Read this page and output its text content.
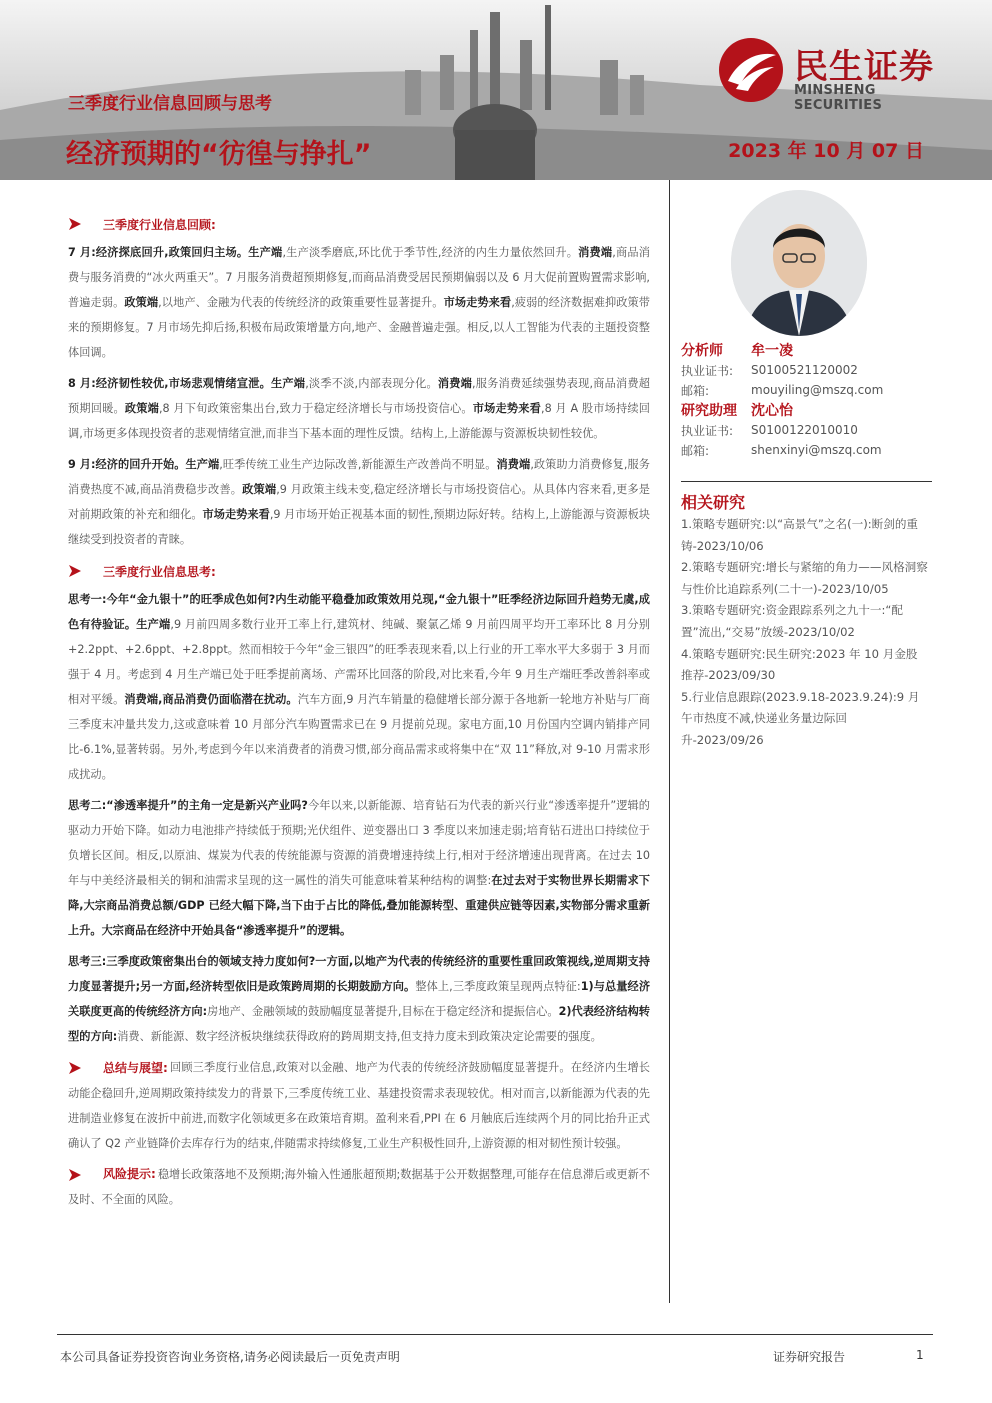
三季度行业信息回顾与思考
经济预期的“彷徨与挣扎”	2023 年 10 月 07 日
民生证券
MINSHENG SECURITIES
三季度行业信息回顾:

7 月:经济探底回升,政策回归主场。生产端,生产淡季磨底,环比优于季节性,经济的内生力量依然回升。消费端,商品消费与服务消费的“冰火两重天”。7 月服务消费超预期修复,而商品消费受居民预期偏弱以及 6 月大促前置购置需求影响,普遍走弱。政策端,以地产、金融为代表的传统经济的政策重要性显著提升。市场走势来看,疲弱的经济数据难抑政策带来的预期修复。7 月市场先抑后扬,积极布局政策增量方向,地产、金融普遍走强。相反,以人工智能为代表的主题投资整体回调。

8 月:经济韧性较优,市场悲观情绪宣泄。生产端,淡季不淡,内部表现分化。消费端,服务消费延续强势表现,商品消费超预期回暖。政策端,8 月下旬政策密集出台,致力于稳定经济增长与市场投资信心。市场走势来看,8 月 A 股市场持续回调,市场更多体现投资者的悲观情绪宣泄,而非当下基本面的理性反馈。结构上,上游能源与资源板块韧性较优。

9 月:经济的回升开始。生产端,旺季传统工业生产边际改善,新能源生产改善尚不明显。消费端,政策助力消费修复,服务消费热度不减,商品消费稳步改善。政策端,9 月政策主线未变,稳定经济增长与市场投资信心。从具体内容来看,更多是对前期政策的补充和细化。市场走势来看,9 月市场开始正视基本面的韧性,预期边际好转。结构上,上游能源与资源板块继续受到投资者的青睐。

三季度行业信息思考:

思考一:今年“金九银十”的旺季成色如何?内生动能平稳叠加政策效用兑现,“金九银十”旺季经济边际回升趋势无虞,成色有待验证。生产端,9 月前四周多数行业开工率上行,建筑材、纯碱、聚氯乙烯 9 月前四周平均开工率环比 8 月分别+2.2ppt、+2.6ppt、+2.8ppt。然而相较于今年“金三银四”的旺季表现来看,以上行业的开工率水平大多弱于 3 月而强于 4 月。考虑到 4 月生产端已处于旺季提前离场、产需环比回落的阶段,对比来看,今年 9 月生产端旺季改善斜率或相对平缓。消费端,商品消费仍面临潜在扰动。汽车方面,9 月汽车销量的稳健增长部分源于各地新一轮地方补贴与厂商三季度末冲量共发力,这或意味着 10 月部分汽车购置需求已在 9 月提前兑现。家电方面,10 月份国内空调内销排产同比-6.1%,显著转弱。另外,考虑到今年以来消费者的消费习惯,部分商品需求或将集中在“双 11”释放,对 9-10 月需求形成扰动。

思考二:“渗透率提升”的主角一定是新兴产业吗?今年以来,以新能源、培育钻石为代表的新兴行业“渗透率提升”逻辑的驱动力开始下降。如动力电池排产持续低于预期;光伏组件、逆变器出口 3 季度以来加速走弱;培育钻石进出口持续位于负增长区间。相反,以原油、煤炭为代表的传统能源与资源的消费增速持续上行,相对于经济增速出现背离。在过去 10 年与中美经济最相关的铜和油需求呈现的这一属性的消失可能意味着某种结构的调整:在过去对于实物世界长期需求下降,大宗商品消费总额/GDP 已经大幅下降,当下由于占比的降低,叠加能源转型、重建供应链等因素,实物部分需求重新上升。大宗商品在经济中开始具备“渗透率提升”的逻辑。

思考三:三季度政策密集出台的领域支持力度如何?一方面,以地产为代表的传统经济的重要性重回政策视线,逆周期支持力度显著提升;另一方面,经济转型依旧是政策跨周期的长期鼓励方向。整体上,三季度政策呈现两点特征:1)与总量经济关联度更高的传统经济方向:房地产、金融领域的鼓励幅度显著提升,目标在于稳定经济和提振信心。2)代表经济结构转型的方向:消费、新能源、数字经济板块继续获得政府的跨周期支持,但支持力度未到政策决定论需要的强度。

总结与展望: 回顾三季度行业信息,政策对以金融、地产为代表的传统经济鼓励幅度显著提升。在经济内生增长动能企稳回升,逆周期政策持续发力的背景下,三季度传统工业、基建投资需求表现较优。相对而言,以新能源为代表的先进制造业修复在波折中前进,而数字化领域更多在政策培育期。盈利来看,PPI 在 6 月触底后连续两个月的同比抬升正式确认了 Q2 产业链降价去库存行为的结束,伴随需求持续修复,工业生产积极性回升,上游资源的相对韧性预计较强。

风险提示: 稳增长政策落地不及预期;海外输入性通胀超预期;数据基于公开数据整理,可能存在信息滞后或更新不及时、不全面的风险。

分析师	牟一凌
执业证书:	S0100521120002
邮箱:	mouyiling@mszq.com
研究助理	沈心怡
执业证书:	S0100122010010
邮箱:	shenxinyi@mszq.com
相关研究
1.策略专题研究:以“高景气”之名(一):断剑的重铸-2023/10/06
2.策略专题研究:增长与紧缩的角力——风格洞察与性价比追踪系列(二十一)-2023/10/05
3.策略专题研究:资金跟踪系列之九十一:“配置”流出,“交易”放缓-2023/10/02
4.策略专题研究:民生研究:2023 年 10 月金股推荐-2023/09/30
5.行业信息跟踪(2023.9.18-2023.9.24):9 月午市热度不减,快递业务量边际回升-2023/09/26
本公司具备证券投资咨询业务资格,请务必阅读最后一页免责声明	证券研究报告	1
